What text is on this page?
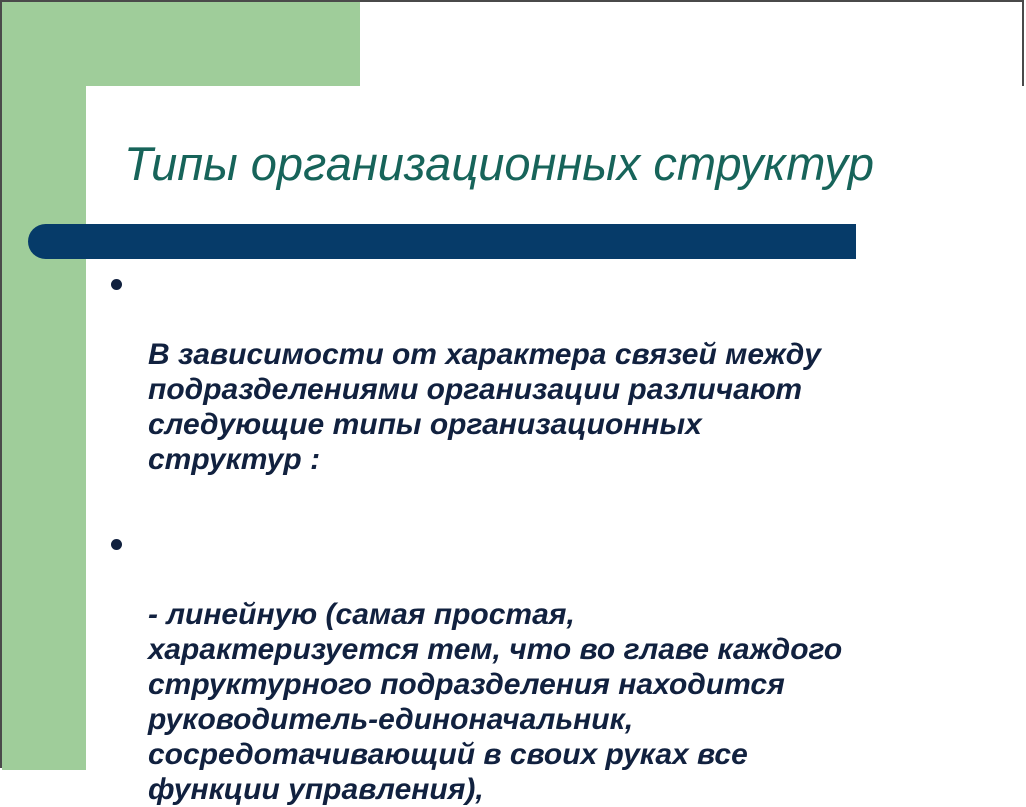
Типы организационных структур

В зависимости от характера связей между
подразделениями организации различают
следующие типы организационных
структур :

- линейную (самая простая,
характеризуется тем, что во главе каждого
структурного подразделения находится
руководитель-единоначальник,
сосредотачивающий в своих руках все
функции управления),
